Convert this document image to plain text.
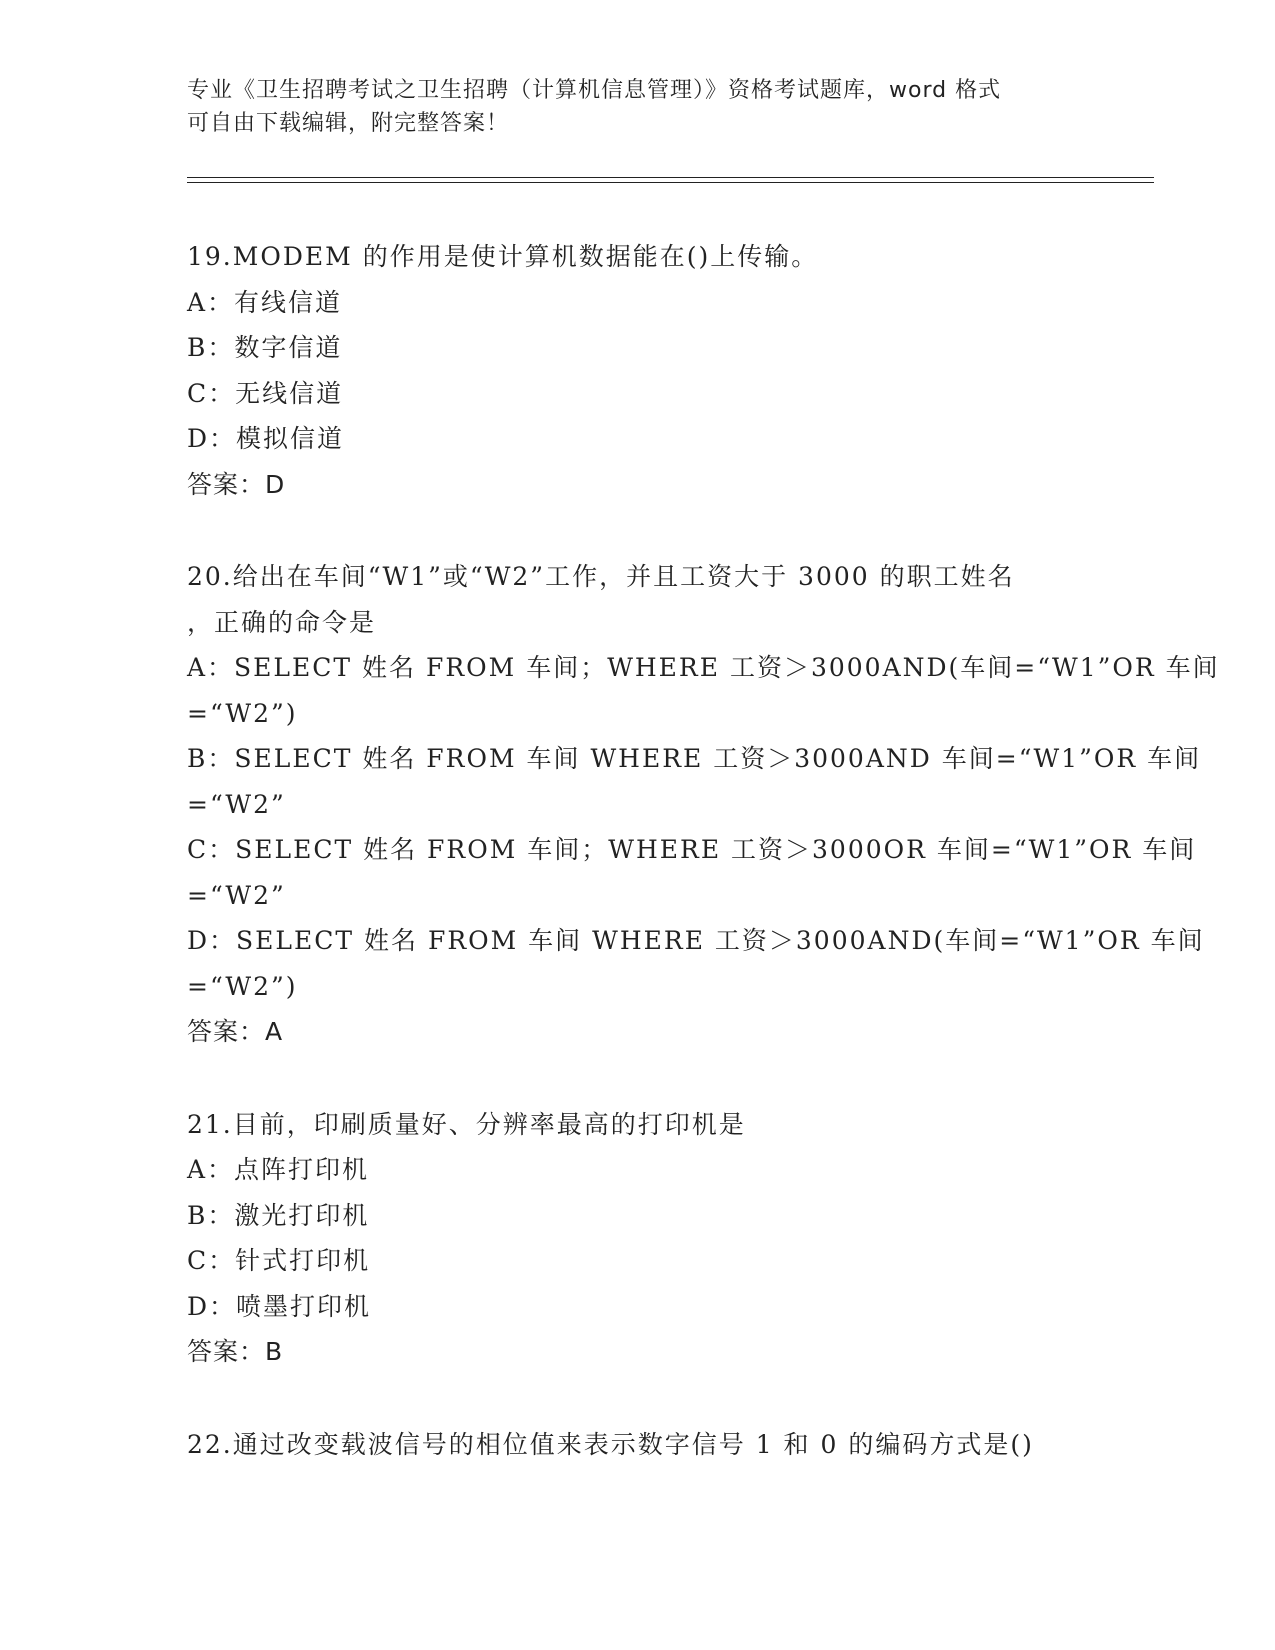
专业《卫生招聘考试之卫生招聘（计算机信息管理）》资格考试题库，word 格式
可自由下载编辑，附完整答案！
19.MODEM 的作用是使计算机数据能在()上传输。
A：有线信道
B：数字信道
C：无线信道
D：模拟信道
答案：D
20.给出在车间“W1”或“W2”工作，并且工资大于 3000 的职工姓名
，正确的命令是
A：SELECT 姓名 FROM 车间；WHERE 工资＞3000AND(车间=“W1”OR 车间
=“W2”)
B：SELECT 姓名 FROM 车间 WHERE 工资＞3000AND 车间=“W1”OR 车间
=“W2”
C：SELECT 姓名 FROM 车间；WHERE 工资＞3000OR 车间=“W1”OR 车间
=“W2”
D：SELECT 姓名 FROM 车间 WHERE 工资＞3000AND(车间=“W1”OR 车间
=“W2”)
答案：A
21.目前，印刷质量好、分辨率最高的打印机是
A：点阵打印机
B：激光打印机
C：针式打印机
D：喷墨打印机
答案：B
22.通过改变载波信号的相位值来表示数字信号 1 和 0 的编码方式是()
